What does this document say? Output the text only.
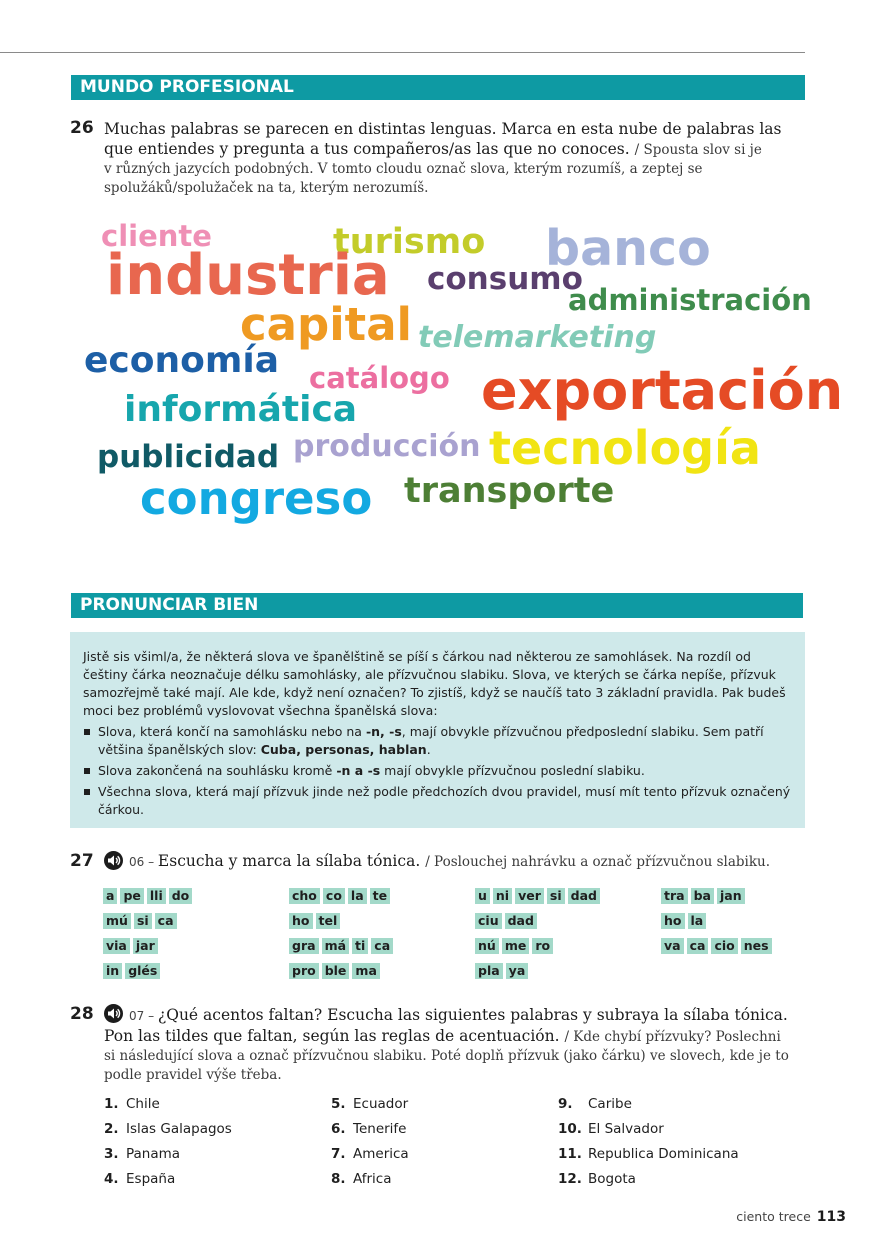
MUNDO PROFESIONAL
26 Muchas palabras se parecen en distintas lenguas. Marca en esta nube de palabras las que entiendes y pregunta a tus compañeros/as las que no conoces. / Spousta slov si je
v různých jazycích podobných. V tomto cloudu označ slova, kterým rozumíš, a zeptej se spolužáků/spolužaček na ta, kterým nerozumíš.
cliente	turismo banco
industria consumo
administración
capital telemarketing
economía catálogo exportación
informática
publicidad producción tecnología
congreso transporte
PRONUNCIAR BIEN

Jistě sis všiml/a, že některá slova ve španělštině se píší s čárkou nad některou ze samohlásek. Na rozdíl od češtiny čárka neoznačuje délku samohlásky, ale přízvučnou slabiku. Slova, ve kterých se čárka nepíše, přízvuk samozřejmě také mají. Ale kde, když není označen? To zjistíš, když se naučíš tato 3 základní pravidla. Pak budeš moci bez problémů vyslovovat všechna španělská slova:

Slova, která končí na samohlásku nebo na -n, -s, mají obvykle přízvučnou předposlední slabiku. Sem patří většina španělských slov: Cuba, personas, hablan.
Slova zakončená na souhlásku kromě -n a -s mají obvykle přízvučnou poslední slabiku.
Všechna slova, která mají přízvuk jinde než podle předchozích dvou pravidel, musí mít tento přízvuk označený čárkou.
27	06 – Escucha y marca la sílaba tónica. / Poslouchej nahrávku a označ přízvučnou slabiku.
a pe lli do	cho co la te	u ni ver si dad	tra ba jan
mú si ca	ho tel	ciu dad	ho la
via jar	gra má ti ca	nú me ro	va ca cio nes
in glés	pro ble ma	pla ya
28	07 – ¿Qué acentos faltan? Escucha las siguientes palabras y subraya la sílaba tónica.
Pon las tildes que faltan, según las reglas de acentuación. / Kde chybí přízvuky? Poslechni
si následující slova a označ přízvučnou slabiku. Poté doplň přízvuk (jako čárku) ve slovech, kde je to podle pravidel výše třeba.
1. Chile
2. Islas Galapagos
3. Panama
4. España
5. Ecuador
6. Tenerife
7. America
8. Africa
9. Caribe
10. El Salvador
11. Republica Dominicana
12. Bogota
ciento trece 113
